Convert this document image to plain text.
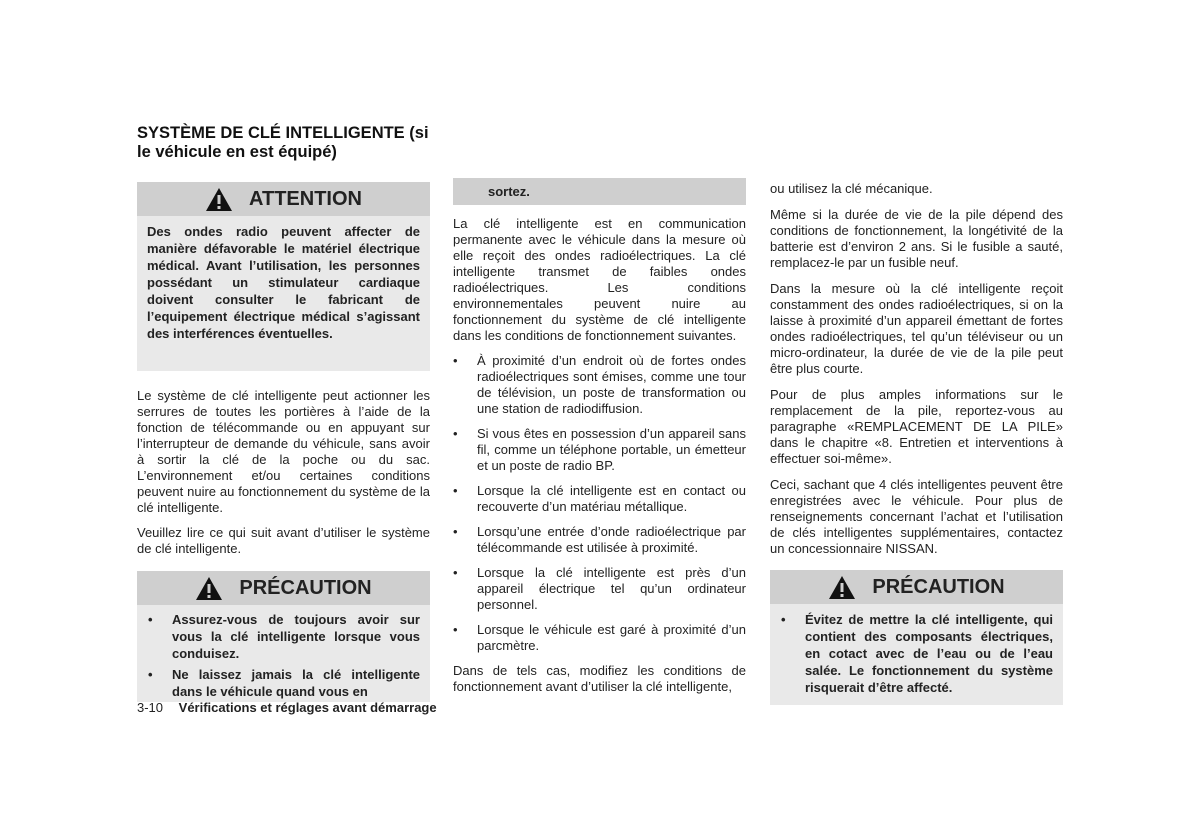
SYSTÈME DE CLÉ INTELLIGENTE (si le véhicule en est équipé)
ATTENTION
Des ondes radio peuvent affecter de manière défavorable le matériel électrique médical. Avant l’utilisation, les personnes possédant un stimulateur cardiaque doivent consulter le fabricant de l’equipement électrique médical s’agissant des interférences éventuelles.

Le système de clé intelligente peut actionner les serrures de toutes les portières à l’aide de la fonction de télécommande ou en appuyant sur l’interrupteur de demande du véhicule, sans avoir à sortir la clé de la poche ou du sac. L’environnement et/ou certaines conditions peuvent nuire au fonctionnement du système de la clé intelligente.

Veuillez lire ce qui suit avant d’utiliser le système de clé intelligente.

PRÉCAUTION
•	Assurez-vous de toujours avoir sur vous la clé intelligente lorsque vous conduisez.
•	Ne laissez jamais la clé intelligente dans le véhicule quand vous en
sortez.

La clé intelligente est en communication permanente avec le véhicule dans la mesure où elle reçoit des ondes radioélectriques. La clé intelligente transmet de faibles ondes radioélectriques. Les conditions environnementales peuvent nuire au fonctionnement du système de clé intelligente dans les conditions de fonctionnement suivantes.

•	À proximité d’un endroit où de fortes ondes radioélectriques sont émises, comme une tour de télévision, un poste de transformation ou une station de radiodiffusion.
•	Si vous êtes en possession d’un appareil sans fil, comme un téléphone portable, un émetteur et un poste de radio BP.
•	Lorsque la clé intelligente est en contact ou recouverte d’un matériau métallique.
•	Lorsqu’une entrée d’onde radioélectrique par télécommande est utilisée à proximité.
•	Lorsque la clé intelligente est près d’un appareil électrique tel qu’un ordinateur personnel.
•	Lorsque le véhicule est garé à proximité d’un parcmètre.

Dans de tels cas, modifiez les conditions de fonctionnement avant d’utiliser la clé intelligente,

ou utilisez la clé mécanique.

Même si la durée de vie de la pile dépend des conditions de fonctionnement, la longétivité de la batterie est d’environ 2 ans. Si le fusible a sauté, remplacez-le par un fusible neuf.

Dans la mesure où la clé intelligente reçoit constamment des ondes radioélectriques, si on la laisse à proximité d’un appareil émettant de fortes ondes radioélectriques, tel qu’un téléviseur ou un micro-ordinateur, la durée de vie de la pile peut être plus courte.

Pour de plus amples informations sur le remplacement de la pile, reportez-vous au paragraphe «REMPLACEMENT DE LA PILE» dans le chapitre «8. Entretien et interventions à effectuer soi-même».

Ceci, sachant que 4 clés intelligentes peuvent être enregistrées avec le véhicule. Pour plus de renseignements concernant l’achat et l’utilisation de clés intelligentes supplémentaires, contactez un concessionnaire NISSAN.

PRÉCAUTION
•	Évitez de mettre la clé intelligente, qui contient des composants électriques, en cotact avec de l’eau ou de l’eau salée. Le fonctionnement du système risquerait d’être affecté.
3-10 Vérifications et réglages avant démarrage
